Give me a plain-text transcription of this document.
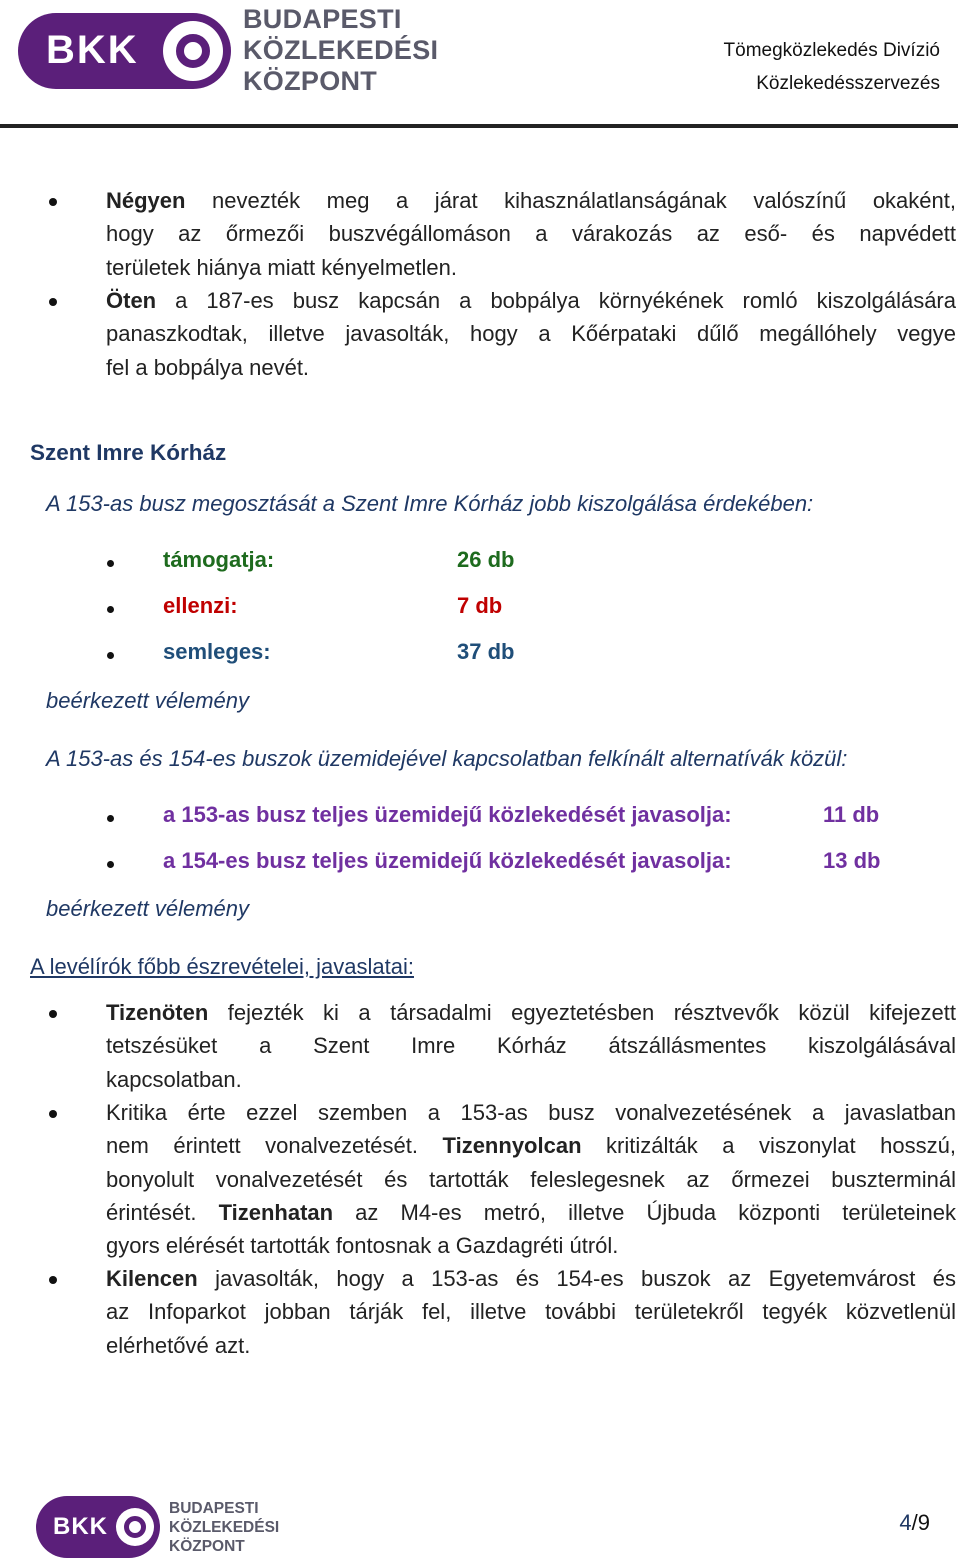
BKK
BUDAPESTI
KÖZLEKEDÉSI
KÖZPONT
Tömegközlekedés Divízió
Közlekedésszervezés
Négyen nevezték meg a járat kihasználatlanságának valószínű okaként,
hogy az őrmezői buszvégállomáson a várakozás az eső- és napvédett
területek hiánya miatt kényelmetlen.
Öten a 187-es busz kapcsán a bobpálya környékének romló kiszolgálására
panaszkodtak, illetve javasolták, hogy a Kőérpataki dűlő megállóhely vegye
fel a bobpálya nevét.
Szent Imre Kórház
A 153-as busz megosztását a Szent Imre Kórház jobb kiszolgálása érdekében:
támogatja:	26 db
ellenzi:	7 db
semleges:	37 db
beérkezett vélemény
A 153-as és 154-es buszok üzemidejével kapcsolatban felkínált alternatívák közül:
a 153-as busz teljes üzemidejű közlekedését javasolja:	11 db
a 154-es busz teljes üzemidejű közlekedését javasolja:	13 db
beérkezett vélemény
A levélírók főbb észrevételei, javaslatai:
Tizenöten fejezték ki a társadalmi egyeztetésben résztvevők közül kifejezett
tetszésüket a Szent Imre Kórház átszállásmentes kiszolgálásával
kapcsolatban.
Kritika érte ezzel szemben a 153-as busz vonalvezetésének a javaslatban
nem érintett vonalvezetését. Tizennyolcan kritizálták a viszonylat hosszú,
bonyolult vonalvezetését és tartották feleslegesnek az őrmezei buszterminál
érintését. Tizenhatan az M4-es metró, illetve Újbuda központi területeinek
gyors elérését tartották fontosnak a Gazdagréti útról.
Kilencen javasolták, hogy a 153-as és 154-es buszok az Egyetemvárost és
az Infoparkot jobban tárják fel, illetve további területekről tegyék közvetlenül
elérhetővé azt.
BKK
BUDAPESTI
KÖZLEKEDÉSI
KÖZPONT
4/9
